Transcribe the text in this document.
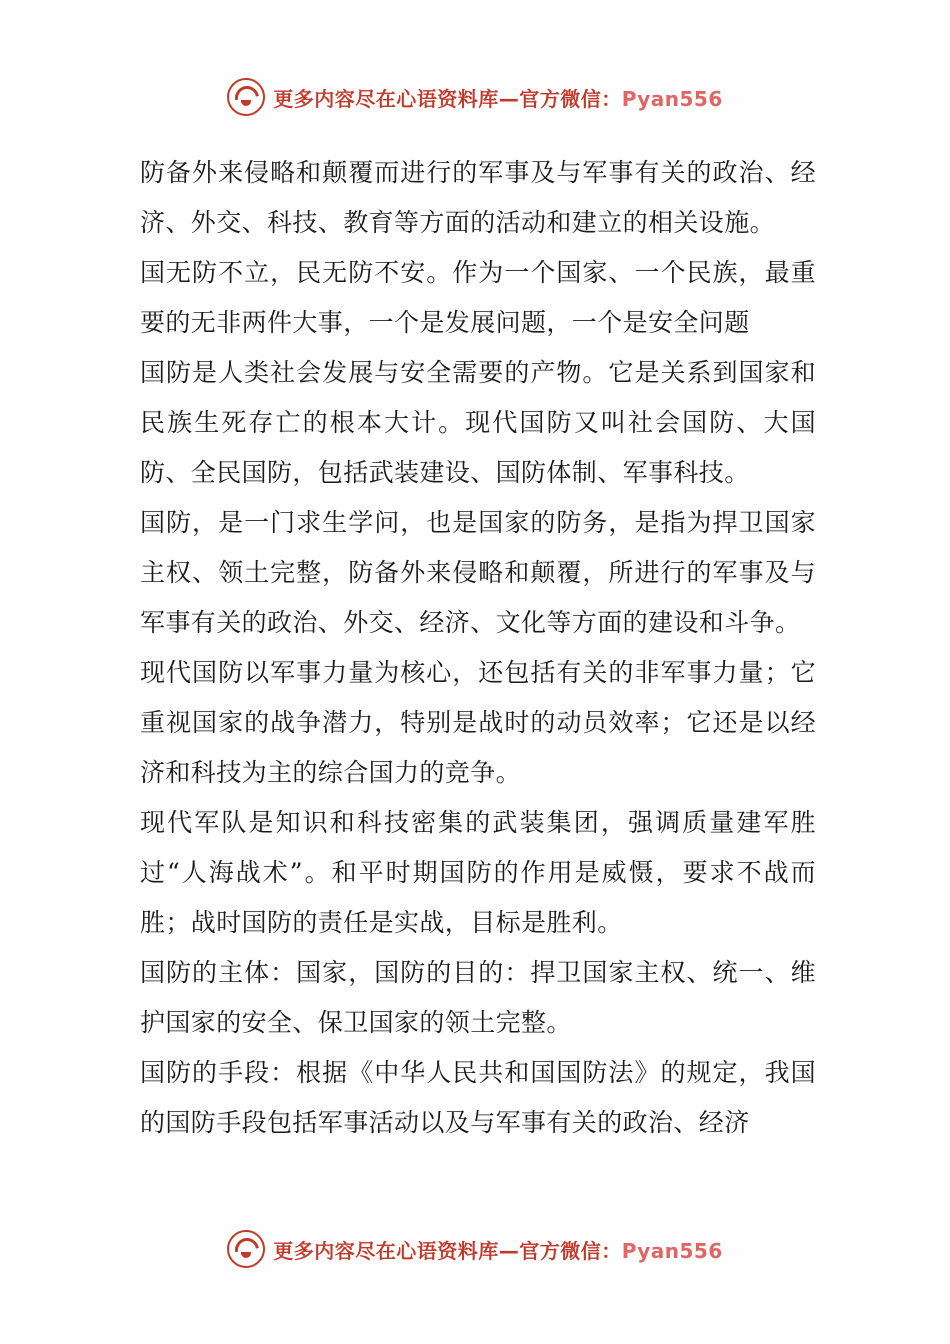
更多内容尽在心语资料库—官方微信：Pyan556

防备外来侵略和颠覆而进行的军事及与军事有关的政治、经济、外交、科技、教育等方面的活动和建立的相关设施。

国无防不立，民无防不安。作为一个国家、一个民族，最重要的无非两件大事，一个是发展问题，一个是安全问题

国防是人类社会发展与安全需要的产物。它是关系到国家和民族生死存亡的根本大计。现代国防又叫社会国防、大国防、全民国防，包括武装建设、国防体制、军事科技。

国防，是一门求生学问，也是国家的防务，是指为捍卫国家主权、领土完整，防备外来侵略和颠覆，所进行的军事及与军事有关的政治、外交、经济、文化等方面的建设和斗争。

现代国防以军事力量为核心，还包括有关的非军事力量；它重视国家的战争潜力，特别是战时的动员效率；它还是以经济和科技为主的综合国力的竞争。

现代军队是知识和科技密集的武装集团，强调质量建军胜过“人海战术”。和平时期国防的作用是威慑，要求不战而胜；战时国防的责任是实战，目标是胜利。

国防的主体：国家，国防的目的：捍卫国家主权、统一、维护国家的安全、保卫国家的领土完整。

国防的手段：根据《中华人民共和国国防法》的规定，我国的国防手段包括军事活动以及与军事有关的政治、经济

更多内容尽在心语资料库—官方微信：Pyan556
